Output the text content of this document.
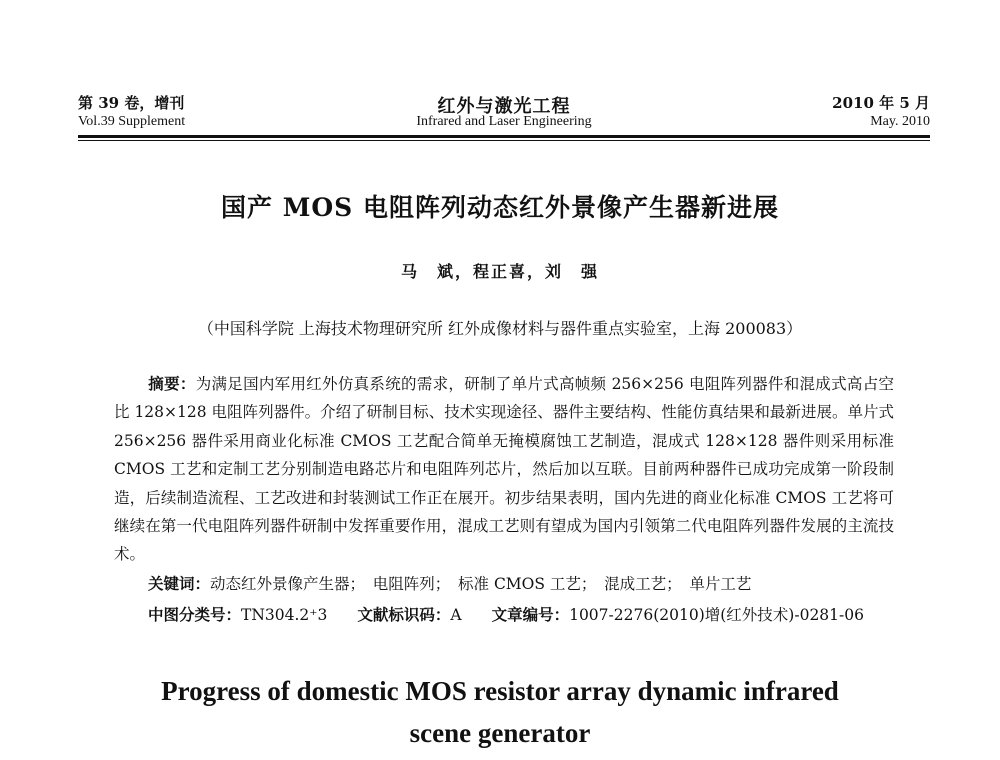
第 39 卷，增刊	红外与激光工程	2010 年 5 月
Vol.39 Supplement	Infrared and Laser Engineering	May. 2010
国产 MOS 电阻阵列动态红外景像产生器新进展
马　斌，程正喜，刘　强
（中国科学院 上海技术物理研究所 红外成像材料与器件重点实验室，上海 200083）

摘要：为满足国内军用红外仿真系统的需求，研制了单片式高帧频 256×256 电阻阵列器件和混成式高占空比 128×128 电阻阵列器件。介绍了研制目标、技术实现途径、器件主要结构、性能仿真结果和最新进展。单片式 256×256 器件采用商业化标准 CMOS 工艺配合简单无掩模腐蚀工艺制造，混成式 128×128 器件则采用标准 CMOS 工艺和定制工艺分别制造电路芯片和电阻阵列芯片，然后加以互联。目前两种器件已成功完成第一阶段制造，后续制造流程、工艺改进和封装测试工作正在展开。初步结果表明，国内先进的商业化标准 CMOS 工艺将可继续在第一代电阻阵列器件研制中发挥重要作用，混成工艺则有望成为国内引领第二代电阻阵列器件发展的主流技术。

关键词：动态红外景像产生器；　电阻阵列；　标准 CMOS 工艺；　混成工艺；　单片工艺
中图分类号：TN304.2⁺3 文献标识码：A 文章编号：1007-2276(2010)增(红外技术)-0281-06
Progress of domestic MOS resistor array dynamic infrared
scene generator
